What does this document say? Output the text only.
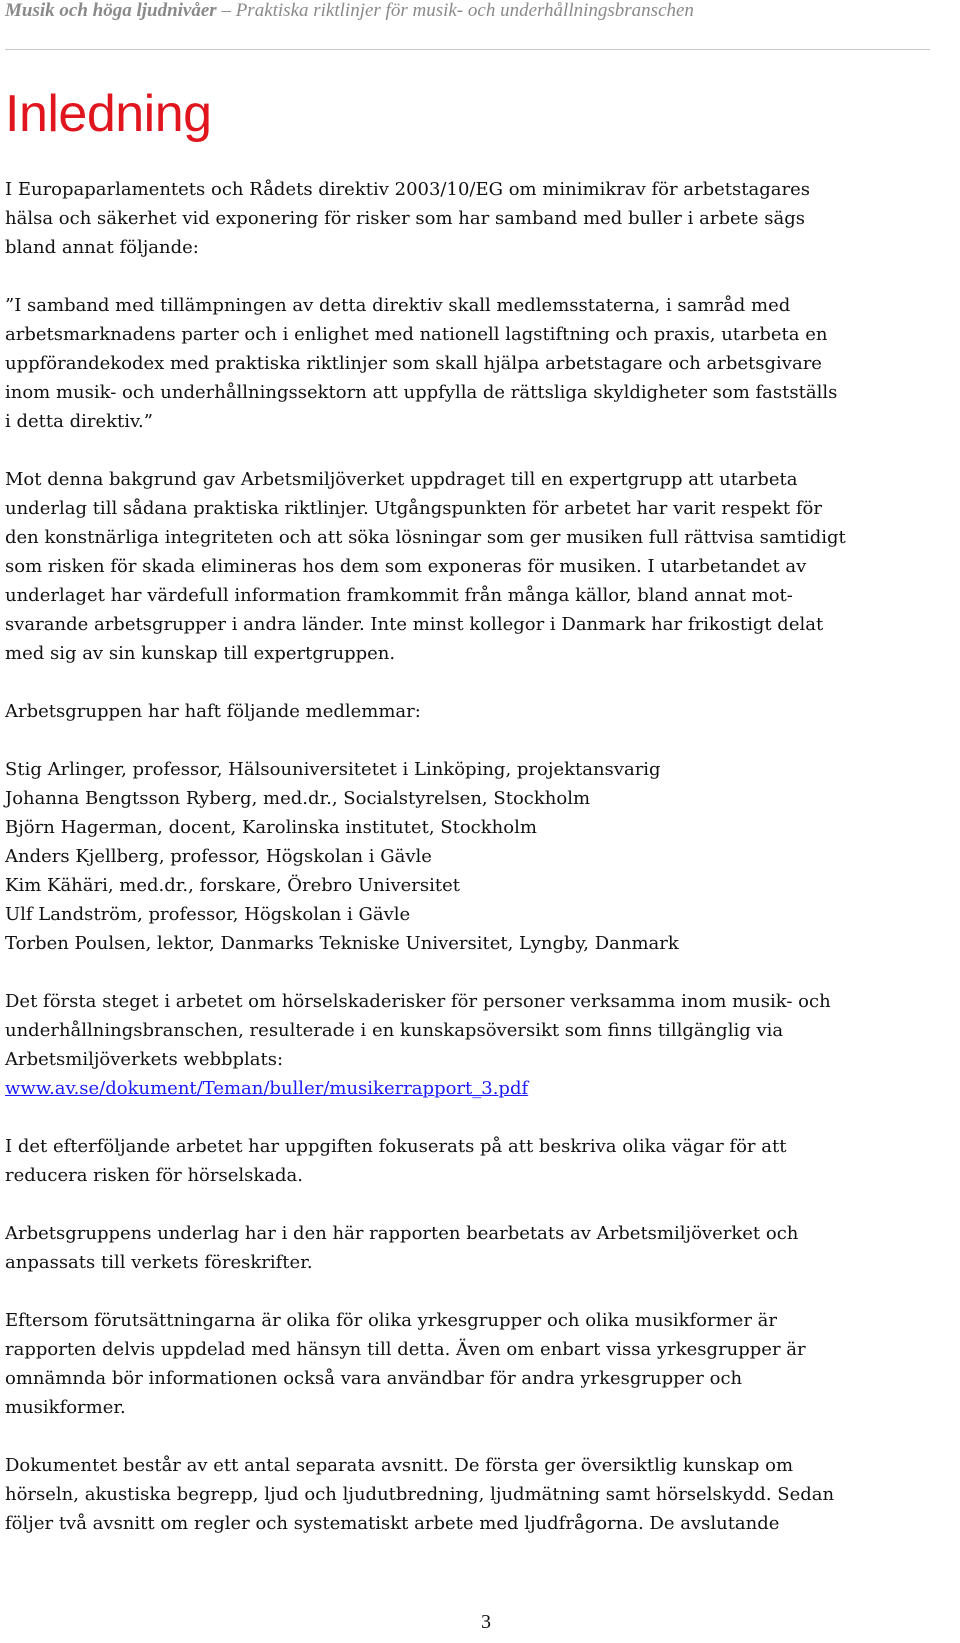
Musik och höga ljudnivåer – Praktiska riktlinjer för musik- och underhållningsbranschen
Inledning

I Europaparlamentets och Rådets direktiv 2003/10/EG om minimikrav för arbetstagares
hälsa och säkerhet vid exponering för risker som har samband med buller i arbete sägs
bland annat följande:

”I samband med tillämpningen av detta direktiv skall medlemsstaterna, i samråd med
arbetsmarknadens parter och i enlighet med nationell lagstiftning och praxis, utarbeta en
uppförandekodex med praktiska riktlinjer som skall hjälpa arbetstagare och arbetsgivare
inom musik- och underhållningssektorn att uppfylla de rättsliga skyldigheter som fastställs
i detta direktiv.”

Mot denna bakgrund gav Arbetsmiljöverket uppdraget till en expertgrupp att utarbeta
underlag till sådana praktiska riktlinjer. Utgångspunkten för arbetet har varit respekt för
den konstnärliga integriteten och att söka lösningar som ger musiken full rättvisa samtidigt
som risken för skada elimineras hos dem som exponeras för musiken. I utarbetandet av
underlaget har värdefull information framkommit från många källor, bland annat mot-
svarande arbetsgrupper i andra länder. Inte minst kollegor i Danmark har frikostigt delat
med sig av sin kunskap till expertgruppen.

Arbetsgruppen har haft följande medlemmar:

Stig Arlinger, professor, Hälsouniversitetet i Linköping, projektansvarig
Johanna Bengtsson Ryberg, med.dr., Socialstyrelsen, Stockholm
Björn Hagerman, docent, Karolinska institutet, Stockholm
Anders Kjellberg, professor, Högskolan i Gävle
Kim Kähäri, med.dr., forskare, Örebro Universitet
Ulf Landström, professor, Högskolan i Gävle
Torben Poulsen, lektor, Danmarks Tekniske Universitet, Lyngby, Danmark

Det första steget i arbetet om hörselskaderisker för personer verksamma inom musik- och
underhållningsbranschen, resulterade i en kunskapsöversikt som finns tillgänglig via
Arbetsmiljöverkets webbplats:
www.av.se/dokument/Teman/buller/musikerrapport_3.pdf

I det efterföljande arbetet har uppgiften fokuserats på att beskriva olika vägar för att
reducera risken för hörselskada.

Arbetsgruppens underlag har i den här rapporten bearbetats av Arbetsmiljöverket och
anpassats till verkets föreskrifter.

Eftersom förutsättningarna är olika för olika yrkesgrupper och olika musikformer är
rapporten delvis uppdelad med hänsyn till detta. Även om enbart vissa yrkesgrupper är
omnämnda bör informationen också vara användbar för andra yrkesgrupper och
musikformer.

Dokumentet består av ett antal separata avsnitt. De första ger översiktlig kunskap om
hörseln, akustiska begrepp, ljud och ljudutbredning, ljudmätning samt hörselskydd. Sedan
följer två avsnitt om regler och systematiskt arbete med ljudfrågorna. De avslutande

3
